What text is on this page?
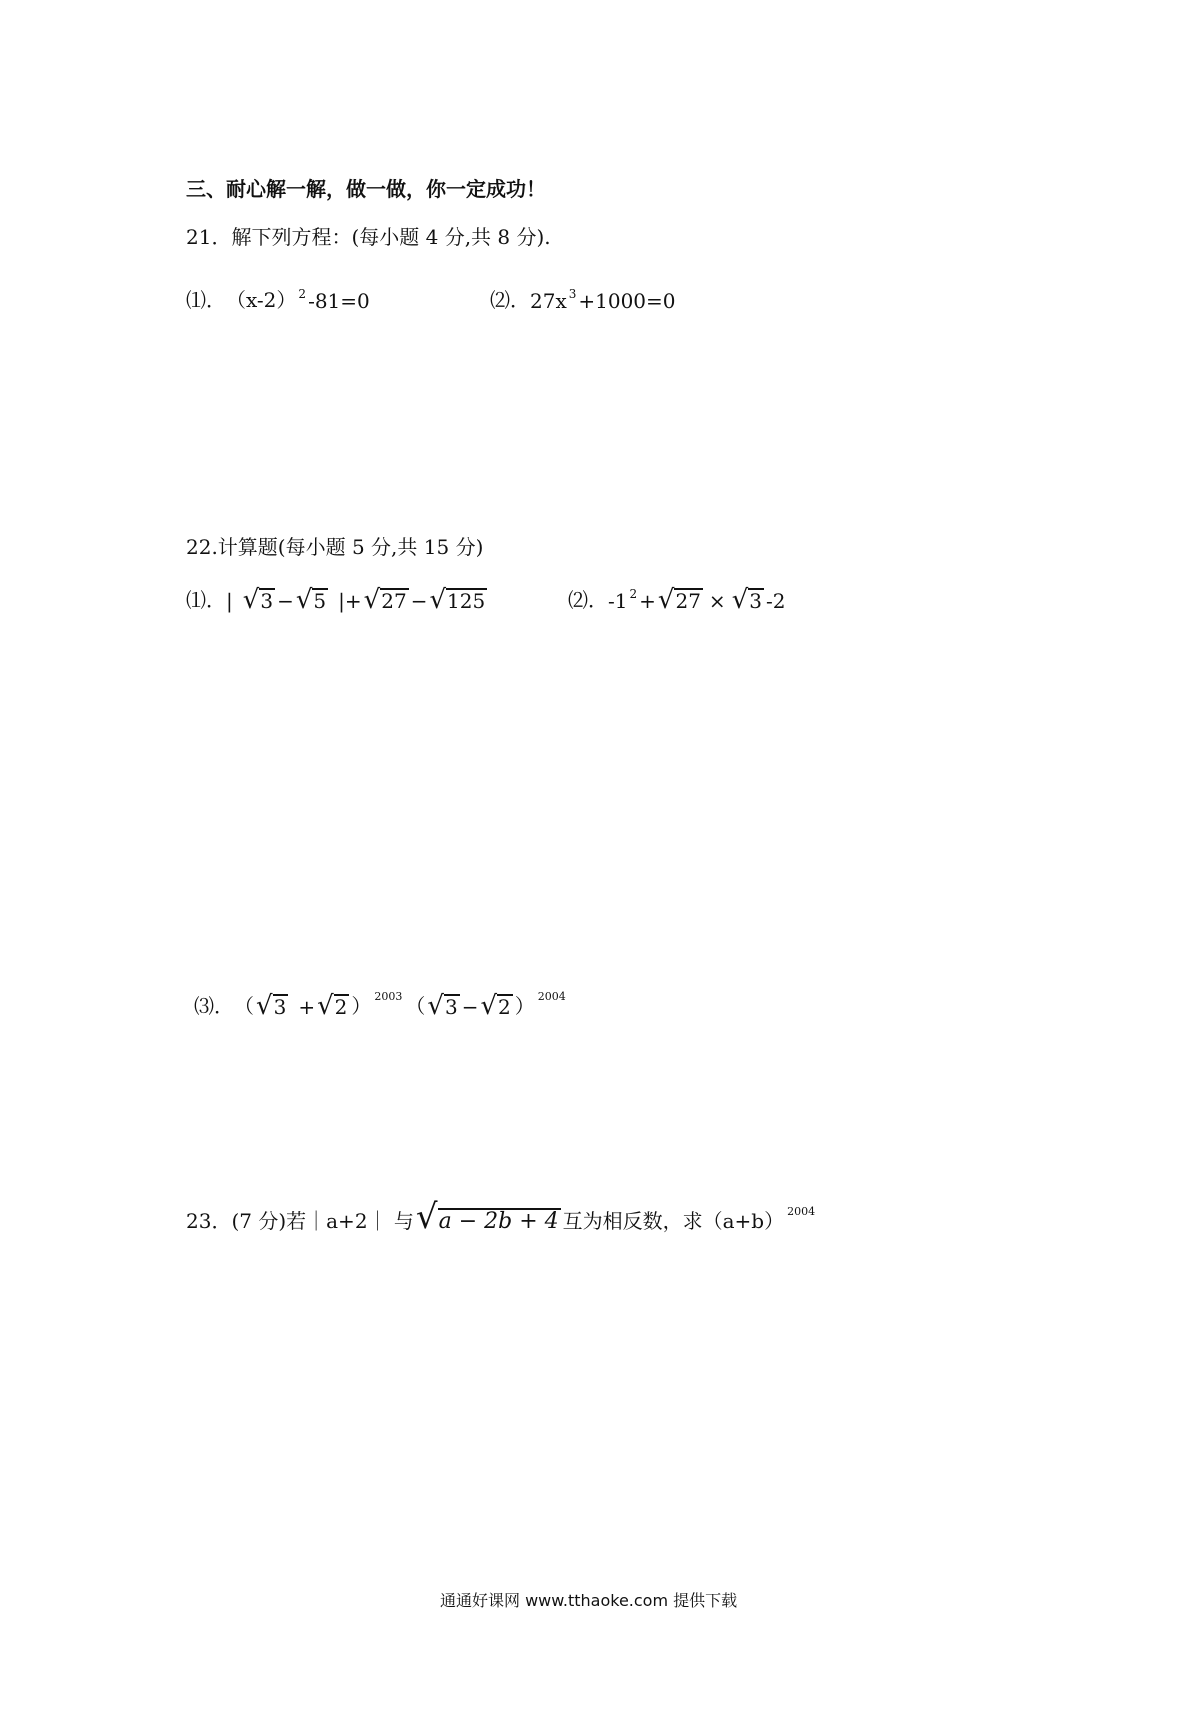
三、耐心解一解，做一做，你一定成功！
21．解下列方程：(每小题 4 分,共 8 分).
⑴． （x-2） 2 -81=0	⑵． 27x 3 +1000=0
22.计算题(每小题 5 分,共 15 分)
⑴． | √3 − √5 | + √27 − √125	⑵． -1 2 + √27 × √3 -2
⑶． （ √3 + √2 ） 2003 （ √3 − √2 ） 2004
23．(7 分)若｜a+2｜ 与 √a − 2b + 4 互为相反数，求（a+b） 2004
通通好课网 www.tthaoke.com 提供下载
